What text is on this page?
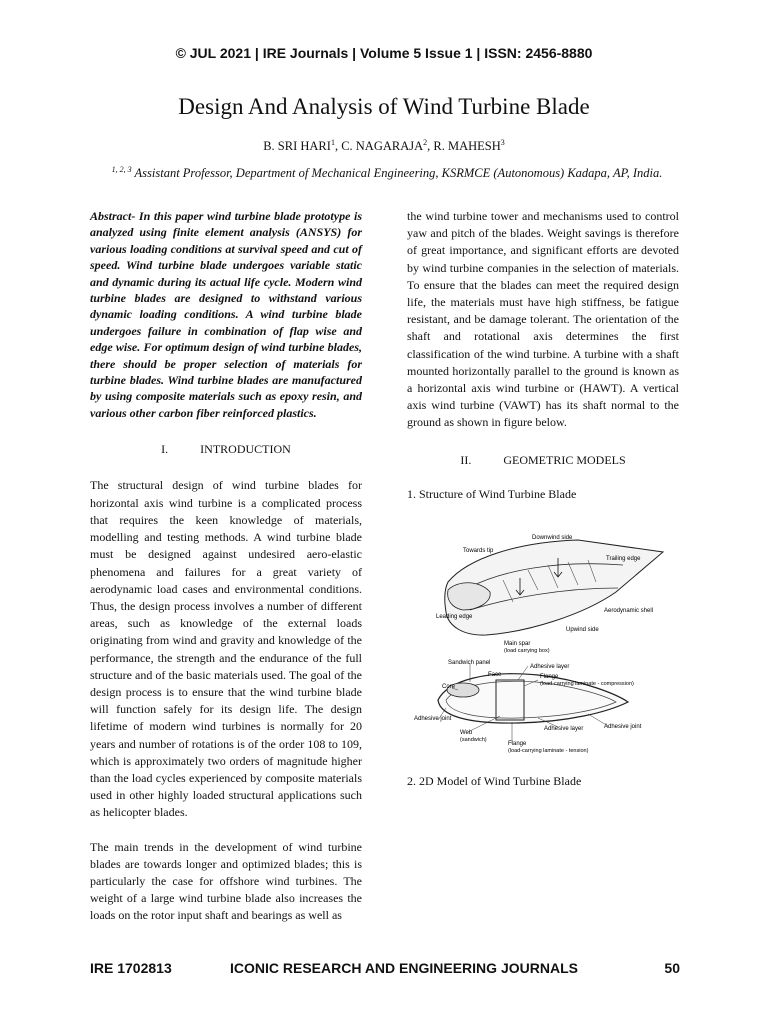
© JUL 2021 | IRE Journals | Volume 5 Issue 1 | ISSN: 2456-8880
Design And Analysis of Wind Turbine Blade
B. SRI HARI$^1$, C. NAGARAJA$^2$, R. MAHESH$^3$
$^{1, 2, 3}$ Assistant Professor, Department of Mechanical Engineering, KSRMCE (Autonomous) Kadapa, AP, India.

Abstract- In this paper wind turbine blade prototype is analyzed using finite element analysis (ANSYS) for various loading conditions at survival speed and cut of speed. Wind turbine blade undergoes variable static and dynamic during its actual life cycle. Modern wind turbine blades are designed to withstand various dynamic loading conditions. A wind turbine blade undergoes failure in combination of flap wise and edge wise. For optimum design of wind turbine blades, there should be proper selection of materials for turbine blades. Wind turbine blades are manufactured by using composite materials such as epoxy resin, and various other carbon fiber reinforced plastics.

I.	INTRODUCTION

The structural design of wind turbine blades for horizontal axis wind turbine is a complicated process that requires the keen knowledge of materials, modelling and testing methods. A wind turbine blade must be designed against undesired aero-elastic phenomena and failures for a great variety of aerodynamic load cases and environmental conditions. Thus, the design process involves a number of different areas, such as knowledge of the external loads originating from wind and gravity and knowledge of the performance, the strength and the endurance of the full structure and of the basic materials used. The goal of the design process is to ensure that the wind turbine blade will function safely for its design life. The design lifetime of modern wind turbines is normally for 20 years and number of rotations is of the order 108 to 109, which is approximately two orders of magnitude higher than the load cycles experienced by composite materials used in other highly loaded structural applications such as helicopter blades.

The main trends in the development of wind turbine blades are towards longer and optimized blades; this is particularly the case for offshore wind turbines. The weight of a large wind turbine blade also increases the loads on the rotor input shaft and bearings as well as

the wind turbine tower and mechanisms used to control yaw and pitch of the blades. Weight savings is therefore of great importance, and significant efforts are devoted by wind turbine companies in the selection of materials. To ensure that the blades can meet the required design life, the materials must have high stiffness, be fatigue resistant, and be damage tolerant. The orientation of the shaft and rotational axis determines the first classification of the wind turbine. A turbine with a shaft mounted horizontally parallel to the ground is known as a horizontal axis wind turbine or (HAWT). A vertical axis wind turbine (VAWT) has its shaft normal to the ground as shown in figure below.

II.	GEOMETRIC MODELS

1. Structure of Wind Turbine Blade

Downwind side
Towards tip
Trailing edge
Leading edge
Aerodynamic shell
Upwind side
Main spar
(load carrying box)
Sandwich panel
Adhesive layer
Face	Flange
(load-carrying laminate - compression)
Core
Adhesive joint
Adhesive layer	Adhesive joint
Web
(sandwich)
Flange
(load-carrying laminate - tension)

2. 2D Model of Wind Turbine Blade

IRE 1702813	ICONIC RESEARCH AND ENGINEERING JOURNALS	50
